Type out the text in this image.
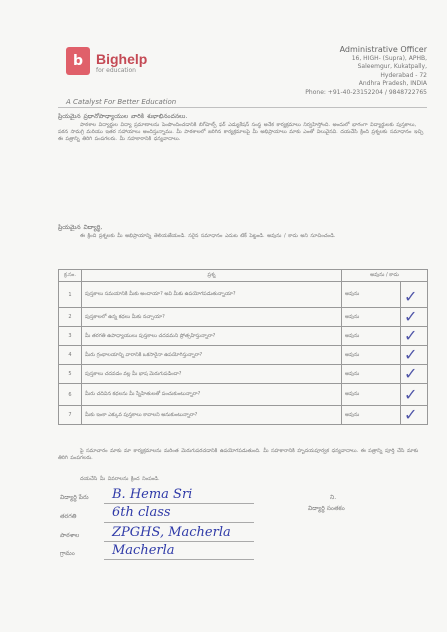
b Bighelp
for education
A Catalyst For Better Education
Administrative Officer
16, HIGH- (Supra), APHB,
Saleemgur, Kukatpally,
Hyderabad - 72
Andhra Pradesh, INDIA
Phone: +91-40-23152204 / 9848722765
ప్రియమైన ప్రధానోపాధ్యాయుల వారికి శుభాభినందనలు.
పాఠశాల విద్యార్థుల విద్యా ప్రమాణాలను పెంపొందించడానికి బిగ్‌హెల్ప్ ఫర్ ఎడ్యుకేషన్ సంస్థ అనేక కార్యక్రమాలు నిర్వహిస్తోంది. అందులో భాగంగా విద్యార్థులకు పుస్తకాలు, పఠన సామగ్రి మరియు ఇతర సహాయాలు అందిస్తున్నాము. మీ పాఠశాలలో జరిగిన కార్యక్రమాలపై మీ అభిప్రాయాలు మాకు ఎంతో విలువైనవి. దయచేసి క్రింది ప్రశ్నలకు సమాధానం ఇచ్చి ఈ పత్రాన్ని తిరిగి పంపగలరు. మీ సహకారానికి ధన్యవాదాలు.
ప్రియమైన విద్యార్థి,
ఈ క్రింది ప్రశ్నలకు మీ అభిప్రాయాన్ని తెలియజేయండి. సరైన సమాధానం ఎదుట టిక్ పెట్టండి. అవును / కాదు అని సూచించండి.
క్ర.సం.	ప్రశ్న	అవును / కాదు	
1	పుస్తకాలు సమయానికి మీకు అందాయా? అవి మీకు ఉపయోగపడుతున్నాయా?	అవును	✓
2	పుస్తకాలలో ఉన్న కథలు మీకు నచ్చాయా?	అవును	✓
3	మీ తరగతి ఉపాధ్యాయులు పుస్తకాలు చదవమని ప్రోత్సహిస్తున్నారా?	అవును	✓
4	మీరు గ్రంథాలయాన్ని వారానికి ఒకసారైనా ఉపయోగిస్తున్నారా?	అవును	✓
5	పుస్తకాలు చదవడం వల్ల మీ భాష మెరుగుపడిందా?	అవును	✓
6	మీరు చదివిన కథలను మీ స్నేహితులతో పంచుకుంటున్నారా?	అవును	✓
7	మీకు ఇంకా ఎక్కువ పుస్తకాలు కావాలని అనుకుంటున్నారా?	అవును	✓
పై సమాచారం మాకు మా కార్యక్రమాలను మరింత మెరుగుపరచడానికి ఉపయోగపడుతుంది. మీ సహకారానికి హృదయపూర్వక ధన్యవాదాలు. ఈ పత్రాన్ని పూర్తి చేసి మాకు తిరిగి పంపగలరు.
దయచేసి మీ వివరాలను క్రింద నింపండి.
విద్యార్థి పేరు B. Hema Sri
తరగతి	6th class
పాఠశాల	ZPGHS, Macherla
గ్రామం	Macherla
ని.
విద్యార్థి సంతకం
